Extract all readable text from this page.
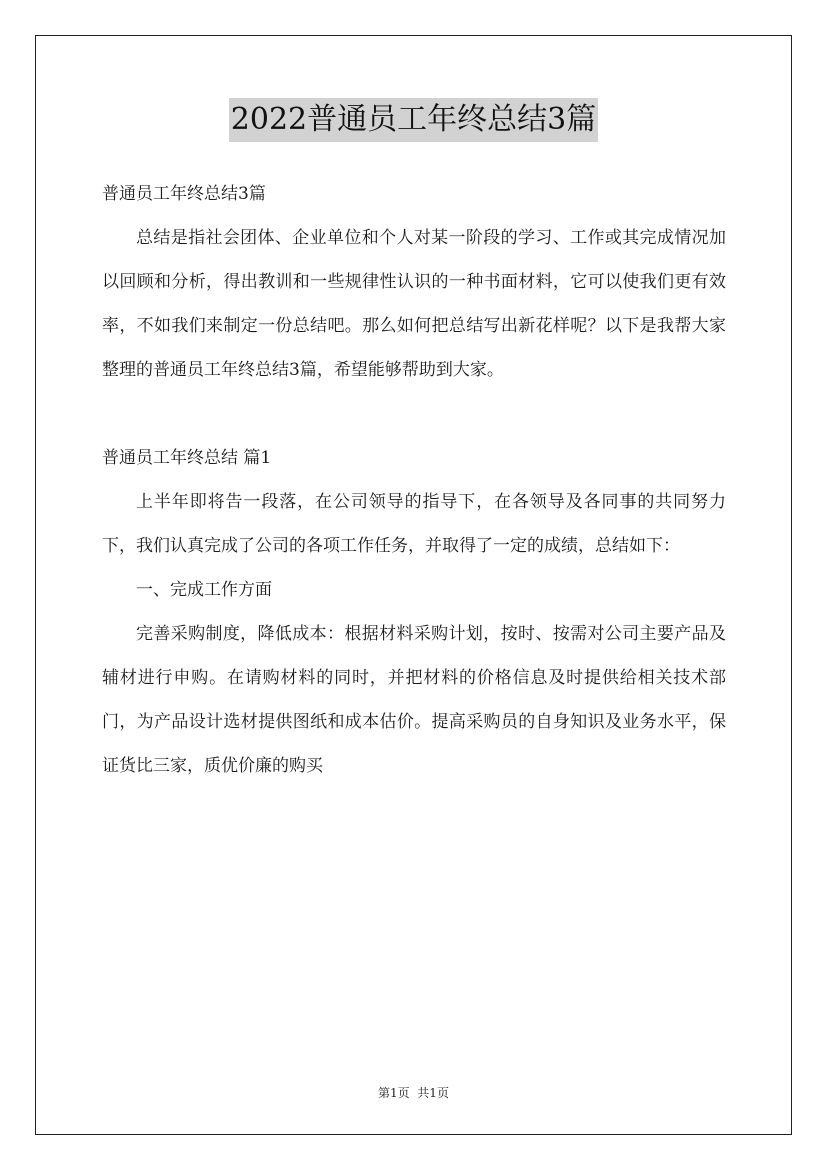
2022普通员工年终总结3篇

普通员工年终总结3篇

总结是指社会团体、企业单位和个人对某一阶段的学习、工作或其完成情况加以回顾和分析，得出教训和一些规律性认识的一种书面材料，它可以使我们更有效率，不如我们来制定一份总结吧。那么如何把总结写出新花样呢？以下是我帮大家整理的普通员工年终总结3篇，希望能够帮助到大家。

普通员工年终总结 篇1

上半年即将告一段落，在公司领导的指导下，在各领导及各同事的共同努力下，我们认真完成了公司的各项工作任务，并取得了一定的成绩，总结如下：

一、完成工作方面

完善采购制度，降低成本：根据材料采购计划，按时、按需对公司主要产品及辅材进行申购。在请购材料的同时，并把材料的价格信息及时提供给相关技术部门，为产品设计选材提供图纸和成本估价。提高采购员的自身知识及业务水平，保证货比三家，质优价廉的购买

第1页  共1页
